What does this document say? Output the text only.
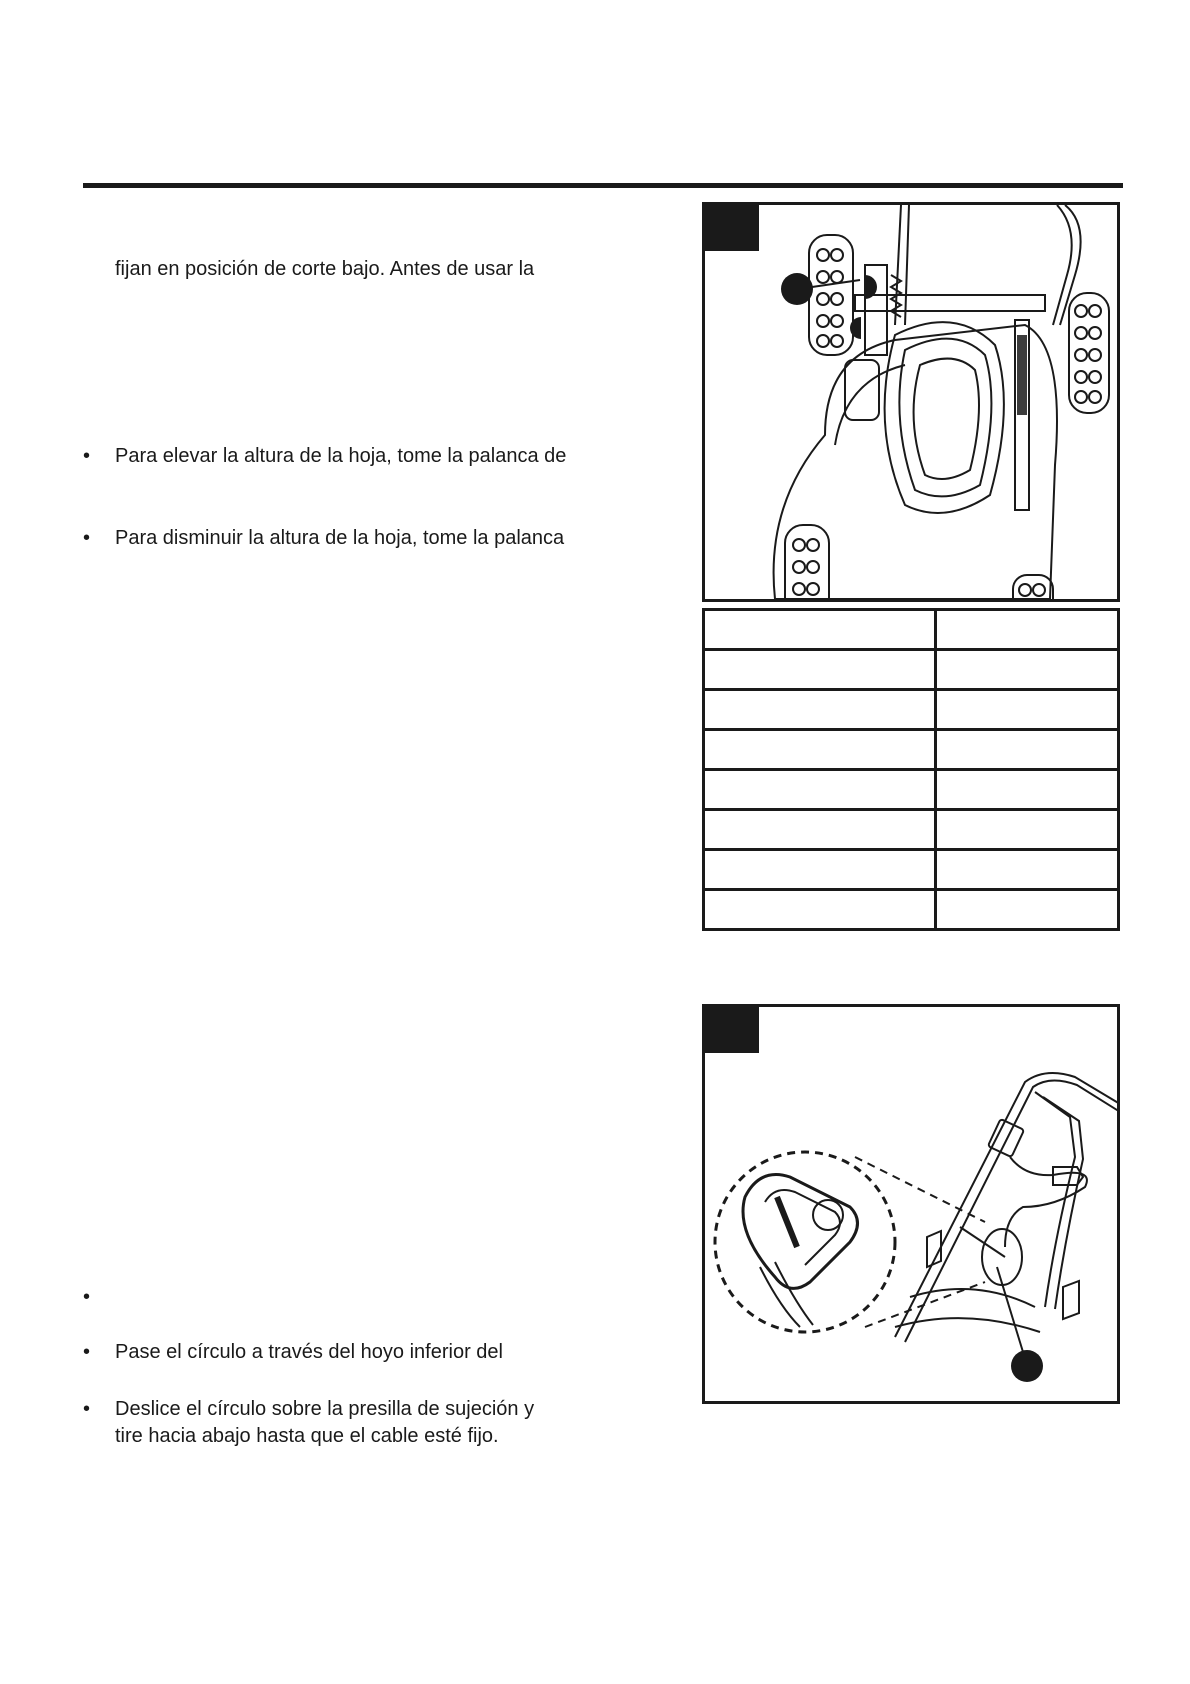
fijan en posición de corte bajo. Antes de usar la
• Para elevar la altura de la hoja, tome la palanca de
• Para disminuir la altura de la hoja, tome la palanca
•
• Pase el círculo a través del hoyo inferior del
• Deslice el círculo sobre la presilla de sujeción y
tire hacia abajo hasta que el cable esté fijo.
